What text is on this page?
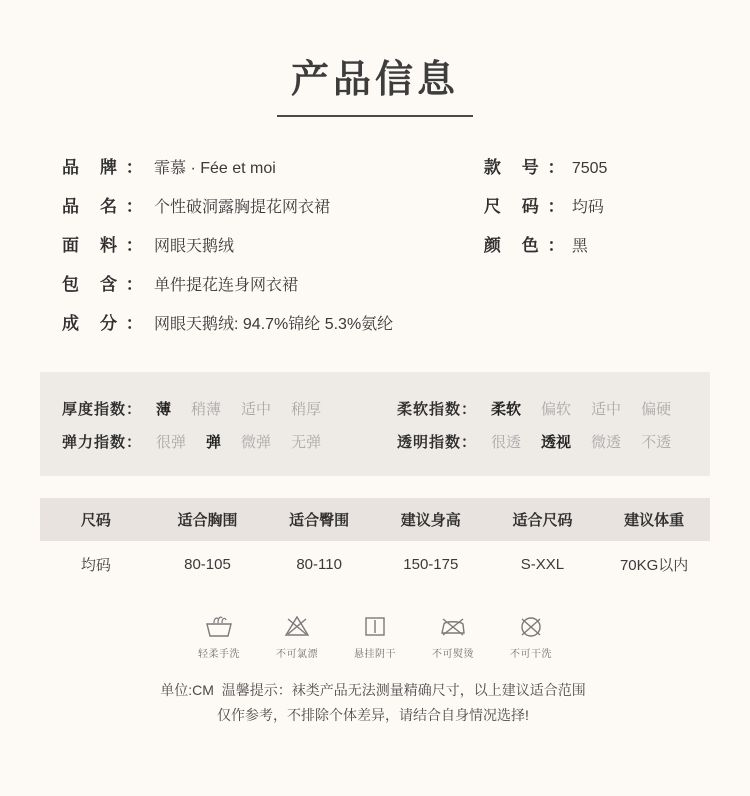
产品信息
品　牌 ： 霏慕 · Fée et moi
品　名 ： 个性破洞露胸提花网衣裙
面　料 ： 网眼天鹅绒
包　含 ： 单件提花连身网衣裙
成　分 ： 网眼天鹅绒: 94.7%锦纶 5.3%氨纶
款　号 ： 7505
尺　码 ： 均码
颜　色 ： 黑
厚度指数： 薄 稍薄 适中 稍厚	柔软指数： 柔软 偏软 适中 偏硬
弹力指数： 很弹 弹 微弹 无弹	透明指数： 很透 透视 微透 不透
尺码	适合胸围	适合臀围	建议身高	适合尺码	建议体重
均码	80-105	80-110	150-175	S-XXL	70KG以内
轻柔手洗	不可氯漂	悬挂阴干	不可熨烫	不可干洗
单位:CM 温馨提示：袜类产品无法测量精确尺寸，以上建议适合范围
仅作参考，不排除个体差异，请结合自身情况选择!
